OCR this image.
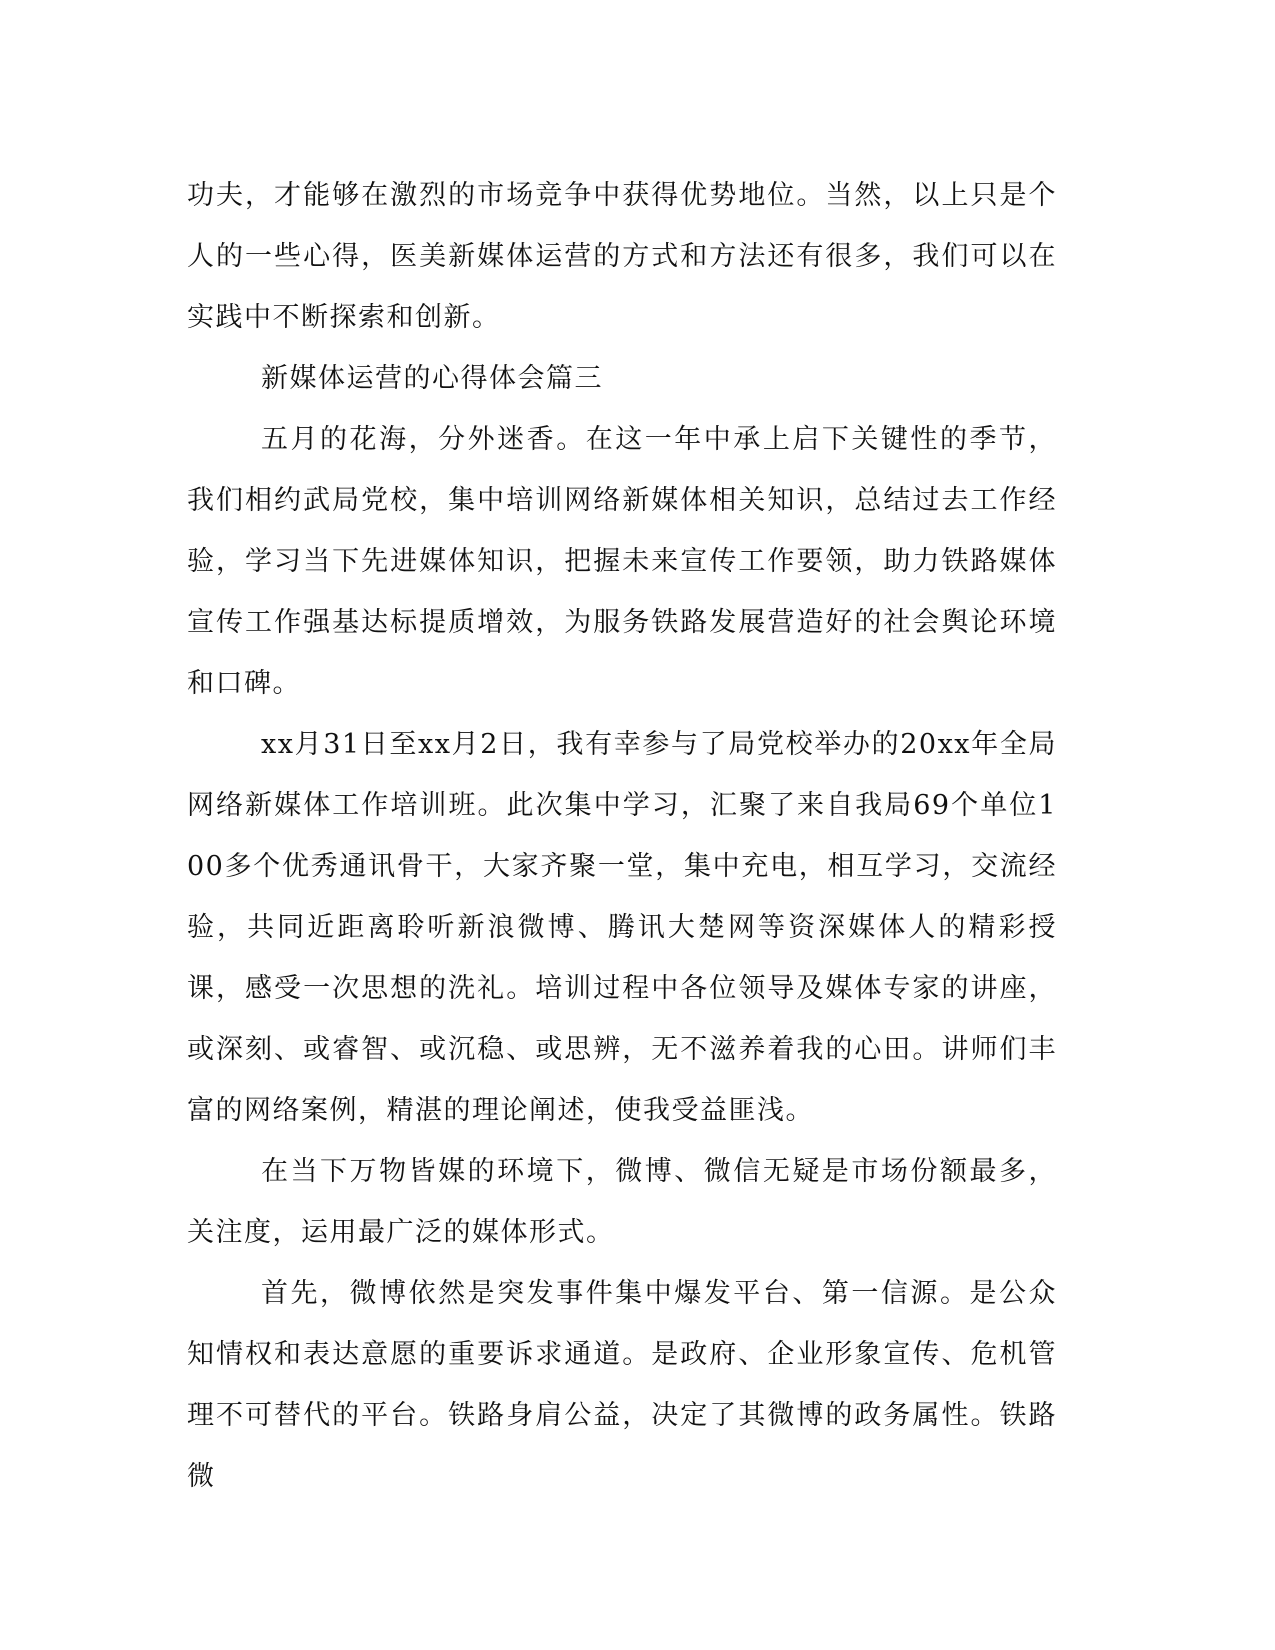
功夫，才能够在激烈的市场竞争中获得优势地位。当然，以上只是个人的一些心得，医美新媒体运营的方式和方法还有很多，我们可以在实践中不断探索和创新。

新媒体运营的心得体会篇三

五月的花海，分外迷香。在这一年中承上启下关键性的季节，我们相约武局党校，集中培训网络新媒体相关知识，总结过去工作经验，学习当下先进媒体知识，把握未来宣传工作要领，助力铁路媒体宣传工作强基达标提质增效，为服务铁路发展营造好的社会舆论环境和口碑。

xx月31日至xx月2日，我有幸参与了局党校举办的20xx年全局网络新媒体工作培训班。此次集中学习，汇聚了来自我局69个单位100多个优秀通讯骨干，大家齐聚一堂，集中充电，相互学习，交流经验，共同近距离聆听新浪微博、腾讯大楚网等资深媒体人的精彩授课，感受一次思想的洗礼。培训过程中各位领导及媒体专家的讲座，或深刻、或睿智、或沉稳、或思辨，无不滋养着我的心田。讲师们丰富的网络案例，精湛的理论阐述，使我受益匪浅。

在当下万物皆媒的环境下，微博、微信无疑是市场份额最多，关注度，运用最广泛的媒体形式。

首先，微博依然是突发事件集中爆发平台、第一信源。是公众知情权和表达意愿的重要诉求通道。是政府、企业形象宣传、危机管理不可替代的平台。铁路身肩公益，决定了其微博的政务属性。铁路微
